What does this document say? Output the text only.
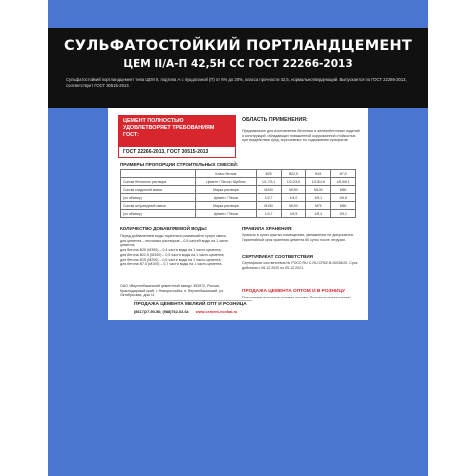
СУЛЬФАТОСТОЙКИЙ ПОРТЛАНДЦЕМЕНТ
ЦЕМ II/А-П 42,5Н СС ГОСТ 22266-2013
Сульфатостойкий портландцемент типа ЦЕМ II, подтипа А с пуццоланой (П) от 6% до 20%, класса прочности 42,5, нормальнотвердеющий. Выпускается по ГОСТ 22266-2013, соответствует ГОСТ 30515-2013.
ЦЕМЕНТ ПОЛНОСТЬЮ УДОВЛЕТВОРЯЕТ ТРЕБОВАНИЯМ ГОСТ:
ГОСТ 22266-2013, ГОСТ 30515-2013
ОБЛАСТЬ ПРИМЕНЕНИЯ:
Предназначен для изготовления бетонных и железобетонных изделий и конструкций, обладающих повышенной коррозионной стойкостью при воздействии сред, агрессивных по содержанию сульфатов.
ПРИМЕРЫ ПРОПОРЦИИ СТРОИТЕЛЬНЫХ СМЕСЕЙ:
	Класс бетона	В25	В22,5	В15	В7,5
Состав бетонного раствора	Цемент / Песок / Щебень	1/1,7/3,1	1/2,0/3,6	1/2,8/4,8	1/5,5/6,1
Состав кладочной смеси	Марка раствора	М200	М150	М100	М50
(по объему)	Цемент / Песок	1/2,7	1/4,0	1/5,1	1/6,8
Состав штукатурной смеси	Марка раствора	М150	М100	М75	М50
(по объему)	Цемент / Песок	1/4,7	1/6,9	1/8,4	1/9,1
КОЛИЧЕСТВО ДОБАВЛЯЕМОЙ ВОДЫ:
Перед добавлением воды тщательно размешайте сухую смесь.
для цемента – песчаных растворов – 0,5 частей воды на 1 часть цемента;
для бетона В25 (М350) – 0,4 части воды на 1 часть цемента;
для бетона В22,5 (М300) – 0,5 части воды на 1 часть цемента;
для бетона В15 (М200) – 0,6 части воды на 1 часть цемента;
для бетона В7,5 (М100) – 0,7 части воды на 1 часть цемента.
ПРАВИЛА ХРАНЕНИЯ:
Хранить в сухих крытых помещениях, увлажнение не допускается. Гарантийный срок хранения цемента 60 суток после отгрузки.
СЕРТИФИКАТ СООТВЕТСТВИЯ
Сертификат соответствия № РОСС RU C-RU.CR02.В.00038/20. Срок действия с 06.12.2020 по 05.12.2021.
ПРОДАЖА ЦЕМЕНТА ОПТОМ И В РОЗНИЦУ
ОАО «Верхнебаканский цементный завод» 353972, Россия, Краснодарский край, г. Новороссийск, п. Верхнебаканский, ул. Октябрьская, дом 11
ПРОДАЖА ЦЕМЕНТА МЕЛКИЙ ОПТ И РОЗНИЦА
(8617)27-90-56; (988)762-02-64 www.cement-novbat.ru
